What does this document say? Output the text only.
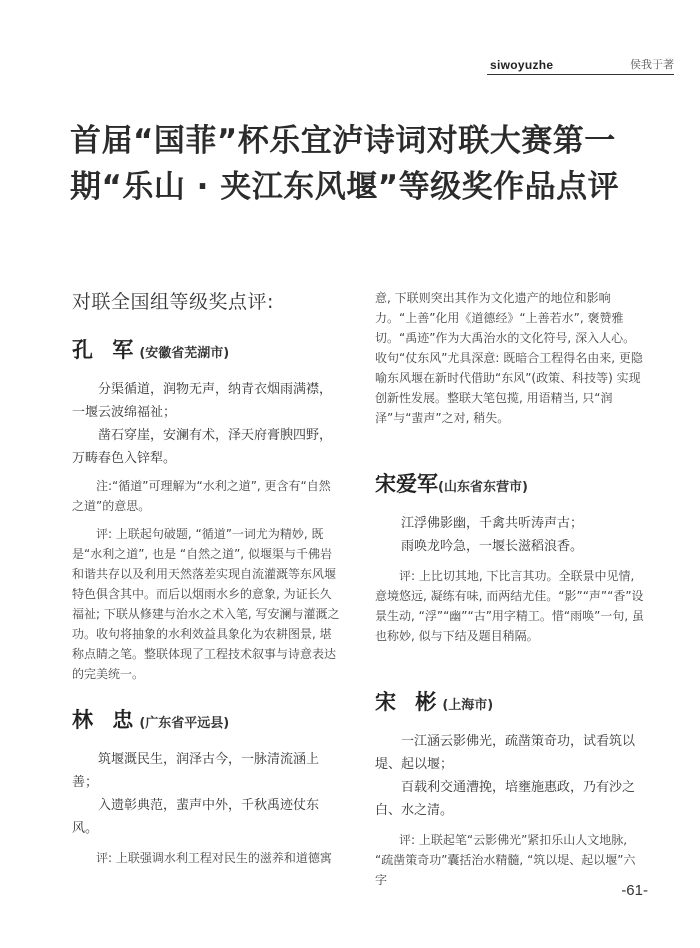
siwoyuzhe	侯我于著
首届“国菲”杯乐宜泸诗词对联大赛第一
期“乐山 · 夹江东风堰”等级奖作品点评
对联全国组等级奖点评:
孔 军(安徽省芜湖市)

分渠循道，润物无声，纳青衣烟雨满襟，一堰云波绵福祉；

凿石穿崖，安澜有术，泽天府膏腴四野，万畴春色入锌犁。

注:“循道”可理解为“水利之道”, 更含有“自然之道”的意思。

评: 上联起句破题, “循道”一词尤为精妙, 既是“水利之道”, 也是 “自然之道”, 似堰渠与千佛岩和谐共存以及利用天然落差实现自流灌溉等东风堰特色俱含其中。而后以烟雨水乡的意象, 为证长久福祉; 下联从修建与治水之术入笔, 写安澜与灌溉之功。收句将抽象的水利效益具象化为农耕图景, 堪称点睛之笔。整联体现了工程技术叙事与诗意表达的完美统一。

林 忠(广东省平远县)

筑堰溉民生，润泽古今，一脉清流涵上善；

入遗彰典范，蜚声中外，千秋禹迹仗东风。

评: 上联强调水利工程对民生的滋养和道德寓

意, 下联则突出其作为文化遗产的地位和影响力。“上善”化用《道德经》“上善若水”, 褒赞雅切。“禹迹”作为大禹治水的文化符号, 深入人心。收句“仗东风”尤具深意: 既暗合工程得名由来, 更隐喻东风堰在新时代借助“东风”(政策、科技等) 实现创新性发展。整联大笔包揽, 用语精当, 只“润泽”与“蜚声”之对, 稍失。

宋爱军(山东省东营市)

江浮佛影幽，千禽共听涛声古；

雨唤龙吟急，一堰长滋稻浪香。

评: 上比切其地, 下比言其功。全联景中见情, 意境悠远, 凝练有味, 而两结尤佳。“影”“声”“香”设景生动, “浮”“幽”“古”用字精工。惜“雨唤”一句, 虽也称妙, 似与下结及题目稍隔。

宋 彬(上海市)

一江涵云影佛光，疏凿策奇功，试看筑以堤、起以堰；

百载利交通漕挽，培壅施惠政，乃有沙之白、水之清。

评: 上联起笔“云影佛光”紧扣乐山人文地脉, “疏凿策奇功”囊括治水精髓, “筑以堤、起以堰”六字

-61-
